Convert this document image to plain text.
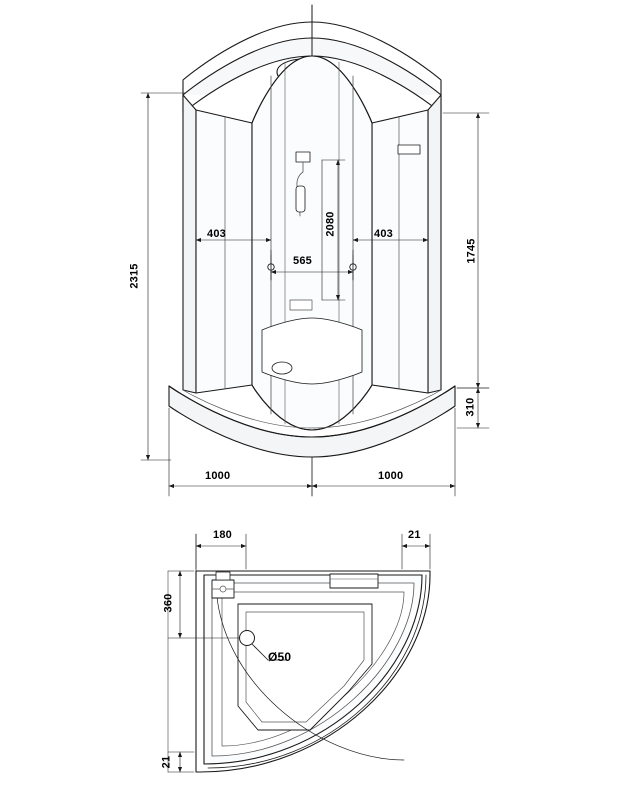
2315
1745
310
403
565
403
2080
1000	1000
180	21
360
21
Ø50
